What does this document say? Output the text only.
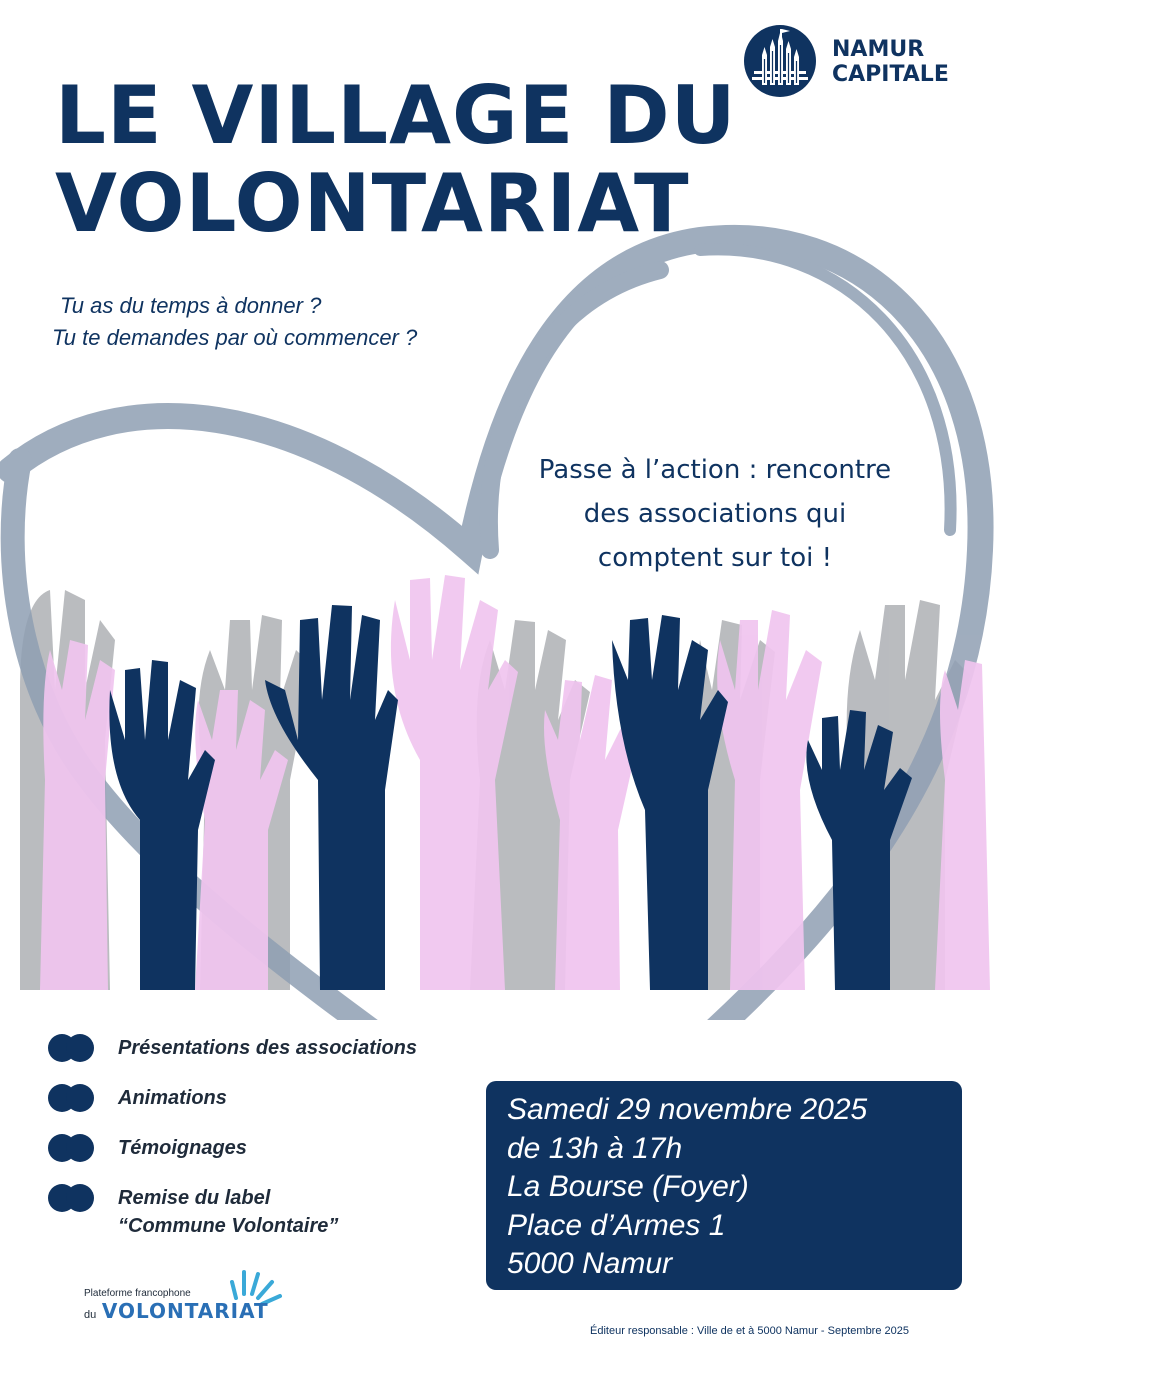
LE VILLAGE DU
VOLONTARIAT
NAMUR
CAPITALE
Tu as du temps à donner ?
Tu te demandes par où commencer ?
Passe à l’action : rencontre
des associations qui
comptent sur toi !
Présentations des associations
Animations
Témoignages
Remise du label
“Commune Volontaire”
Samedi 29 novembre 2025
de 13h à 17h
La Bourse (Foyer)
Place d’Armes 1
5000 Namur
Plateforme francophone
du VOLONTARIAT
Éditeur responsable : Ville de et à 5000 Namur - Septembre 2025
